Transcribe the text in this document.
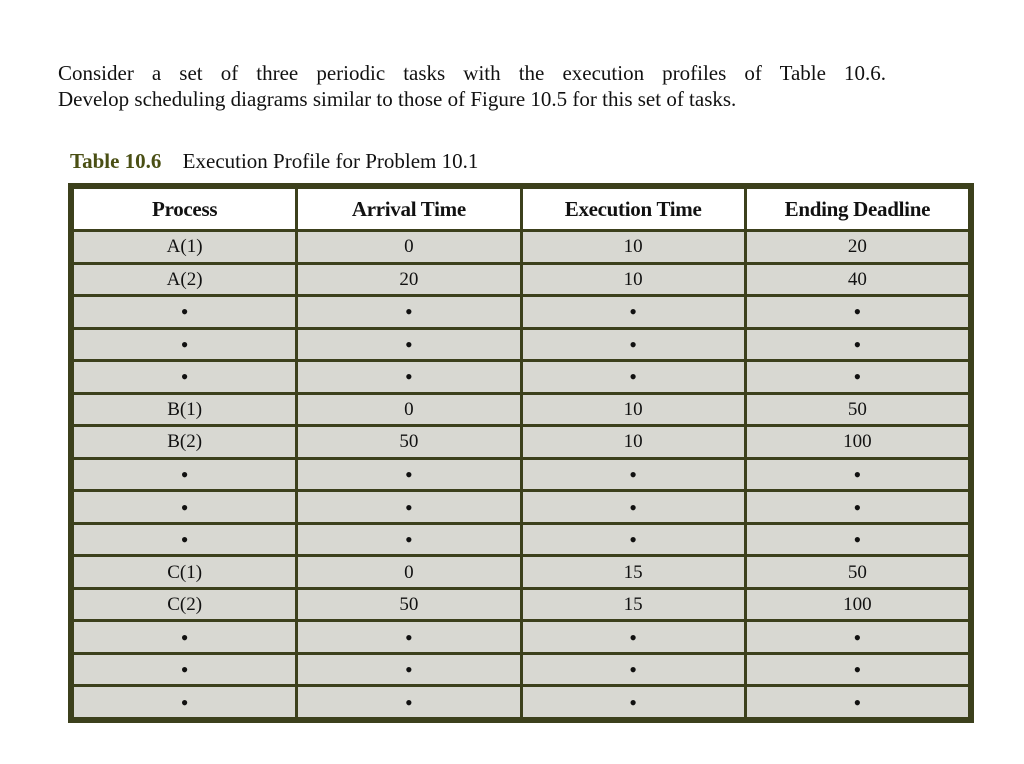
Consider a set of three periodic tasks with the execution profiles of Table 10.6.
Develop scheduling diagrams similar to those of Figure 10.5 for this set of tasks.

Table 10.6 Execution Profile for Problem 10.1
Process	Arrival Time	Execution Time	Ending Deadline
A(1)	0	10	20
A(2)	20	10	40
•	•	•	•
•	•	•	•
•	•	•	•
B(1)	0	10	50
B(2)	50	10	100
•	•	•	•
•	•	•	•
•	•	•	•
C(1)	0	15	50
C(2)	50	15	100
•	•	•	•
•	•	•	•
•	•	•	•
